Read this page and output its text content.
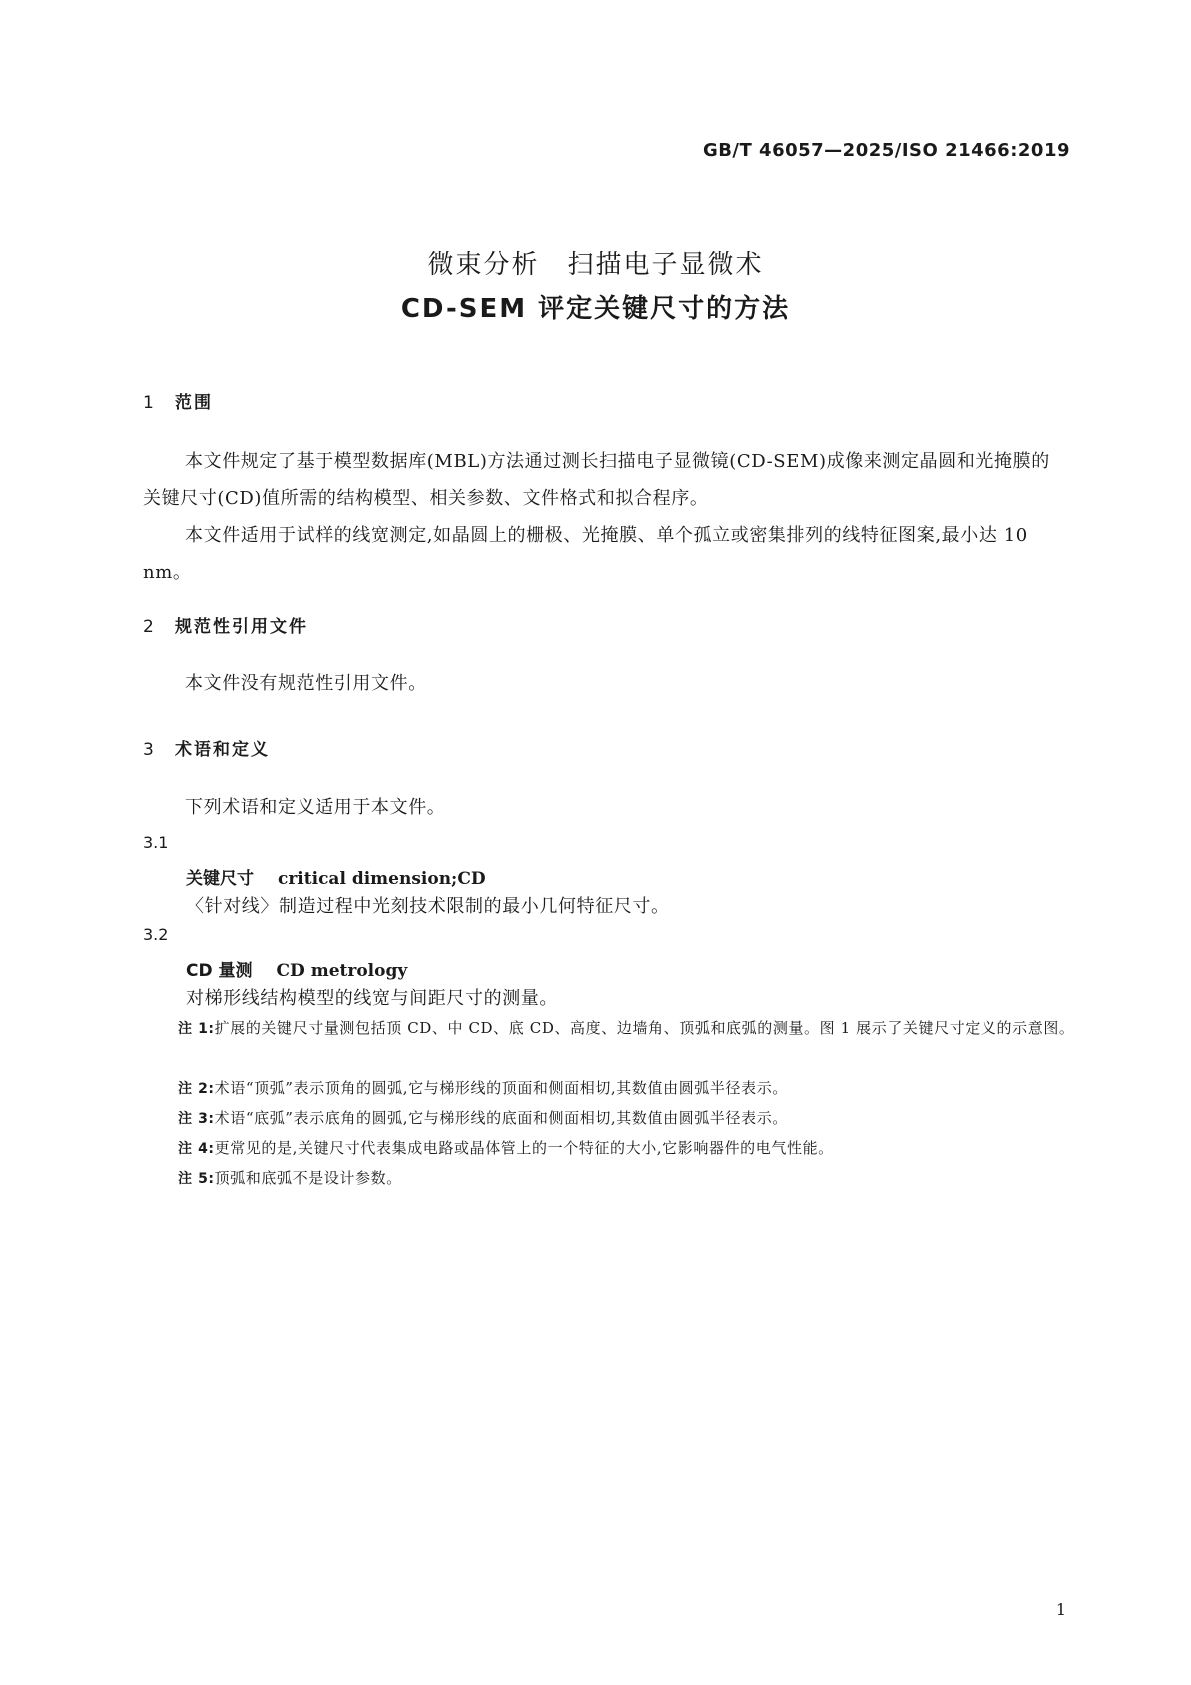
GB/T 46057—2025/ISO 21466:2019
微束分析　扫描电子显微术
CD-SEM 评定关键尺寸的方法
1 范围
本文件规定了基于模型数据库(MBL)方法通过测长扫描电子显微镜(CD-SEM)成像来测定晶圆和光掩膜的关键尺寸(CD)值所需的结构模型、相关参数、文件格式和拟合程序。
本文件适用于试样的线宽测定,如晶圆上的栅极、光掩膜、单个孤立或密集排列的线特征图案,最小达 10 nm。
2 规范性引用文件
本文件没有规范性引用文件。
3 术语和定义
下列术语和定义适用于本文件。
3.1
关键尺寸 critical dimension;CD
〈针对线〉制造过程中光刻技术限制的最小几何特征尺寸。
3.2
CD 量测 CD metrology
对梯形线结构模型的线宽与间距尺寸的测量。
注 1:扩展的关键尺寸量测包括顶 CD、中 CD、底 CD、高度、边墙角、顶弧和底弧的测量。图 1 展示了关键尺寸定义的示意图。
注 2:术语“顶弧”表示顶角的圆弧,它与梯形线的顶面和侧面相切,其数值由圆弧半径表示。
注 3:术语“底弧”表示底角的圆弧,它与梯形线的底面和侧面相切,其数值由圆弧半径表示。
注 4:更常见的是,关键尺寸代表集成电路或晶体管上的一个特征的大小,它影响器件的电气性能。
注 5:顶弧和底弧不是设计参数。
1
